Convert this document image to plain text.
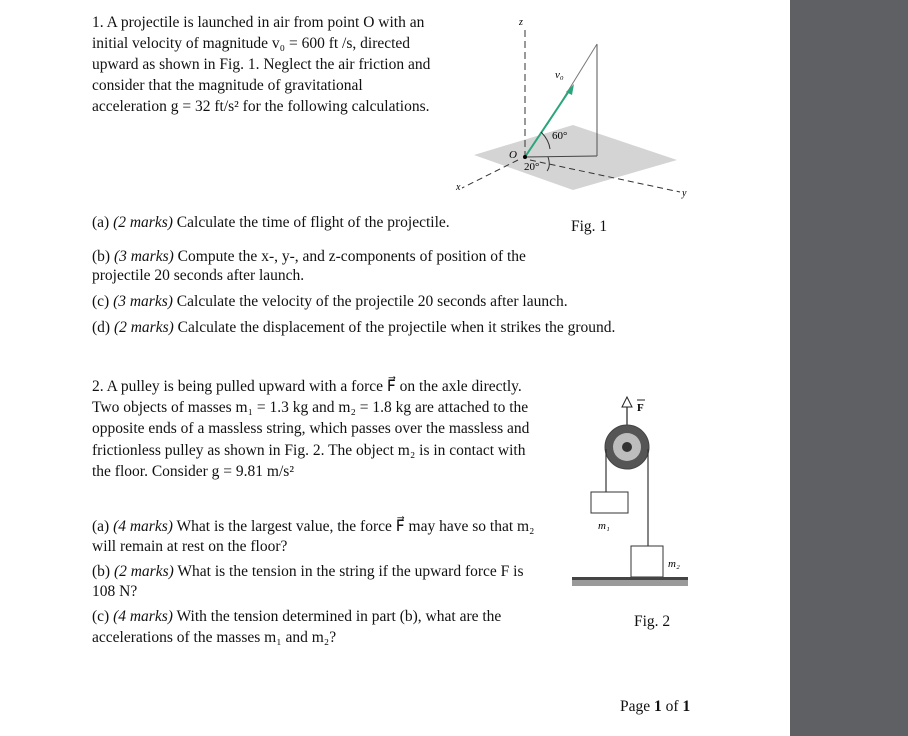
1. A projectile is launched in air from point O with an

initial velocity of magnitude v₀ = 600 ft /s, directed

upward as shown in Fig. 1. Neglect the air friction and

consider that the magnitude of gravitational

acceleration g = 32 ft/s² for the following calculations.

z
v₀
60°
20°
O
x
y

(a) (2 marks) Calculate the time of flight of the projectile.	Fig. 1

(b) (3 marks) Compute the x-, y-, and z-components of position of the

projectile 20 seconds after launch.

(c) (3 marks) Calculate the velocity of the projectile 20 seconds after launch.

(d) (2 marks) Calculate the displacement of the projectile when it strikes the ground.

2. A pulley is being pulled upward with a force F⃗ on the axle directly.

Two objects of masses m₁ = 1.3 kg and m₂ = 1.8 kg are attached to the

opposite ends of a massless string, which passes over the massless and

frictionless pulley as shown in Fig. 2. The object m₂ is in contact with

the floor. Consider g = 9.81 m/s²

F
m₁
m₂

(a) (4 marks) What is the largest value, the force F⃗ may have so that m₂

will remain at rest on the floor?

(b) (2 marks) What is the tension in the string if the upward force F is

108 N?

(c) (4 marks) With the tension determined in part (b), what are the

accelerations of the masses m₁ and m₂?

Fig. 2
Page 1 of 1
